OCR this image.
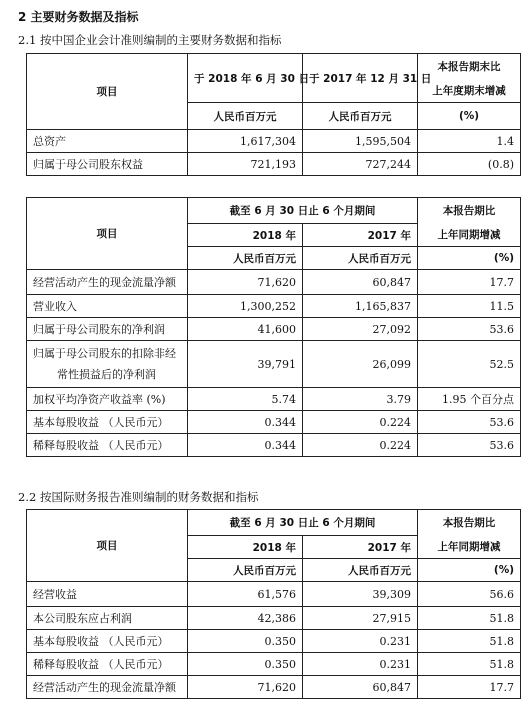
2 主要财务数据及指标
2.1 按中国企业会计准则编制的主要财务数据和指标
项目	于 2018 年 6 月 30 日	于 2017 年 12 月 31 日	本报告期末比
上年度期末增减

	人民币百万元	人民币百万元	(%)
总资产	1,617,304	1,595,504	1.4
归属于母公司股东权益	721,193	727,244	(0.8)
项目	截至 6 月 30 日止 6 个月期间		本报告期比
上年同期增减

	2018 年	2017 年	
	人民币百万元	人民币百万元	(%)
经营活动产生的现金流量净额	71,620	60,847	17.7
营业收入	1,300,252	1,165,837	11.5
归属于母公司股东的净利润	41,600	27,092	53.6
归属于母公司股东的扣除非经
常性损益后的净利润	39,791	26,099	52.5
加权平均净资产收益率 (%)	5.74	3.79	1.95 个百分点
基本每股收益 （人民币元）	0.344	0.224	53.6
稀释每股收益 （人民币元）	0.344	0.224	53.6
2.2 按国际财务报告准则编制的财务数据和指标
项目	截至 6 月 30 日止 6 个月期间		本报告期比
上年同期增减

	2018 年	2017 年	
	人民币百万元	人民币百万元	(%)
经营收益	61,576	39,309	56.6
本公司股东应占利润	42,386	27,915	51.8
基本每股收益 （人民币元）	0.350	0.231	51.8
稀释每股收益 （人民币元）	0.350	0.231	51.8
经营活动产生的现金流量净额	71,620	60,847	17.7
